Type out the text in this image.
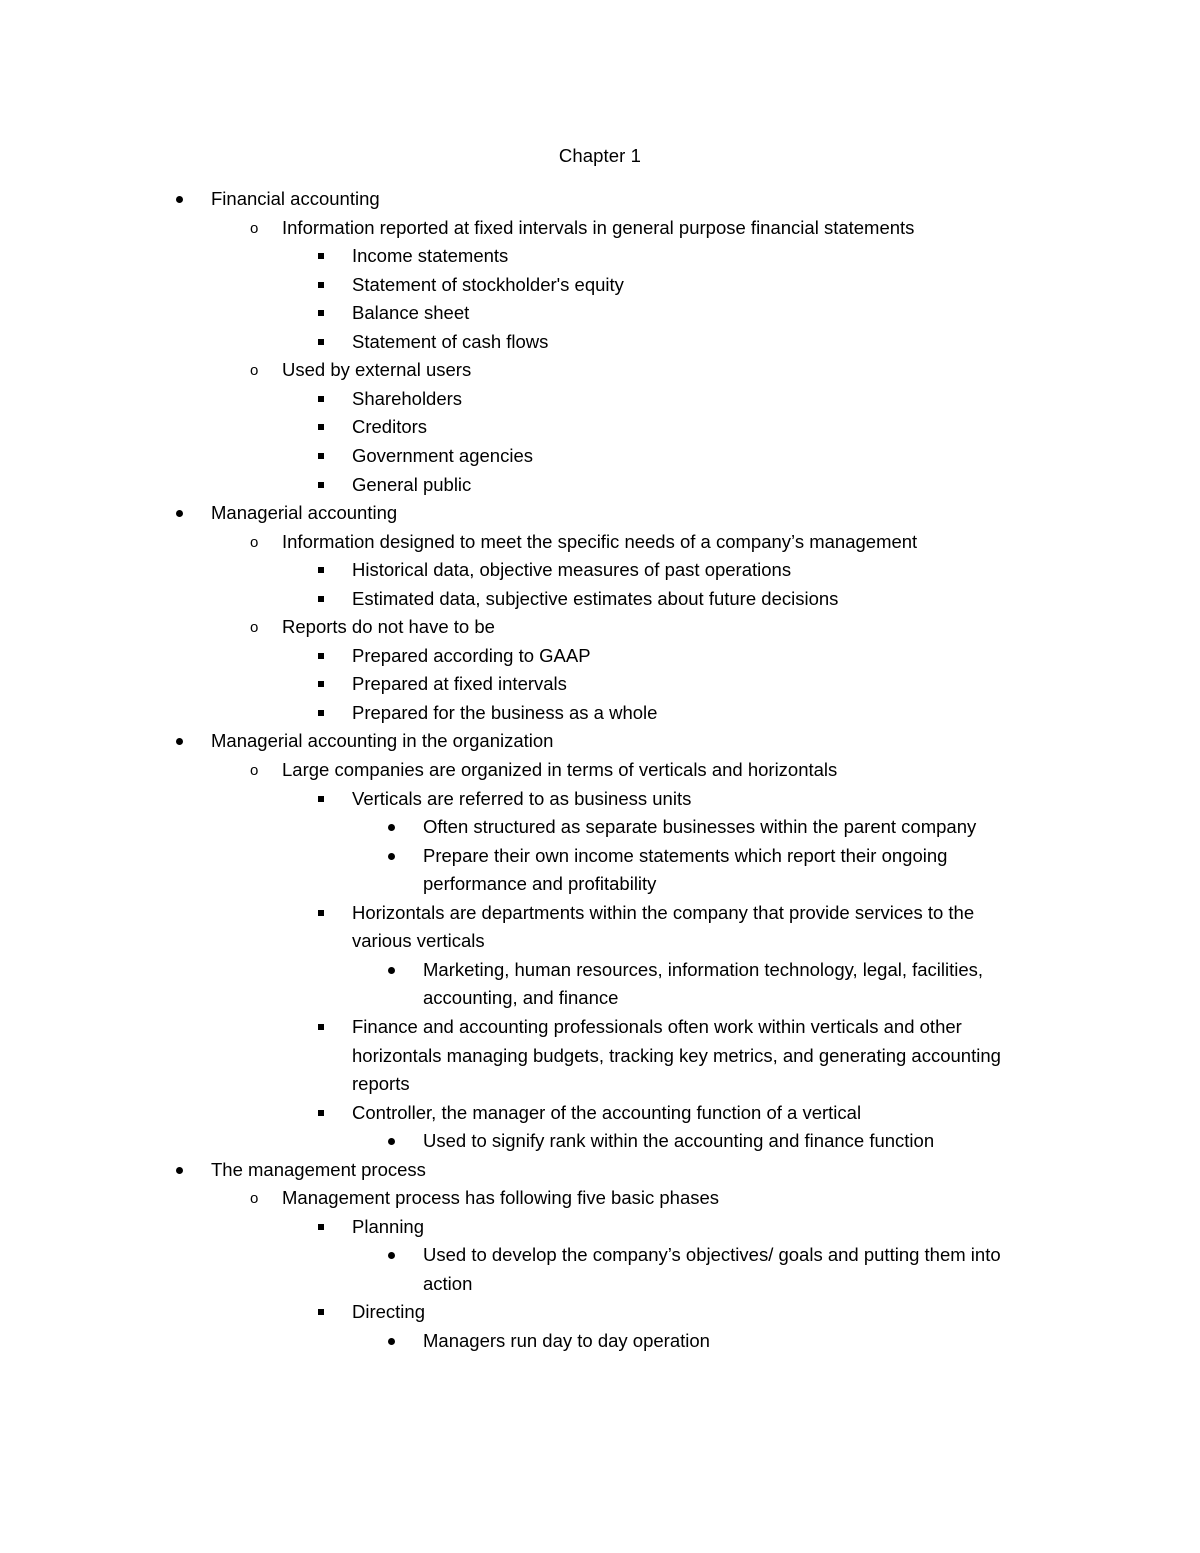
Chapter 1
Financial accounting
Information reported at fixed intervals in general purpose financial statements
o
Income statements
Statement of stockholder's equity
Balance sheet
Statement of cash flows
Used by external users
o
Shareholders
Creditors
Government agencies
General public
Managerial accounting
Information designed to meet the specific needs of a company’s management
o
Historical data, objective measures of past operations
Estimated data, subjective estimates about future decisions
Reports do not have to be
o
Prepared according to GAAP
Prepared at fixed intervals
Prepared for the business as a whole
Managerial accounting in the organization
Large companies are organized in terms of verticals and horizontals
o
Verticals are referred to as business units
Often structured as separate businesses within the parent company
Prepare their own income statements which report their ongoing
performance and profitability
Horizontals are departments within the company that provide services to the
various verticals
Marketing, human resources, information technology, legal, facilities,
accounting, and finance
Finance and accounting professionals often work within verticals and other
horizontals managing budgets, tracking key metrics, and generating accounting
reports
Controller, the manager of the accounting function of a vertical
Used to signify rank within the accounting and finance function
The management process
Management process has following five basic phases
o
Planning
Used to develop the company’s objectives/ goals and putting them into
action
Directing
Managers run day to day operation
